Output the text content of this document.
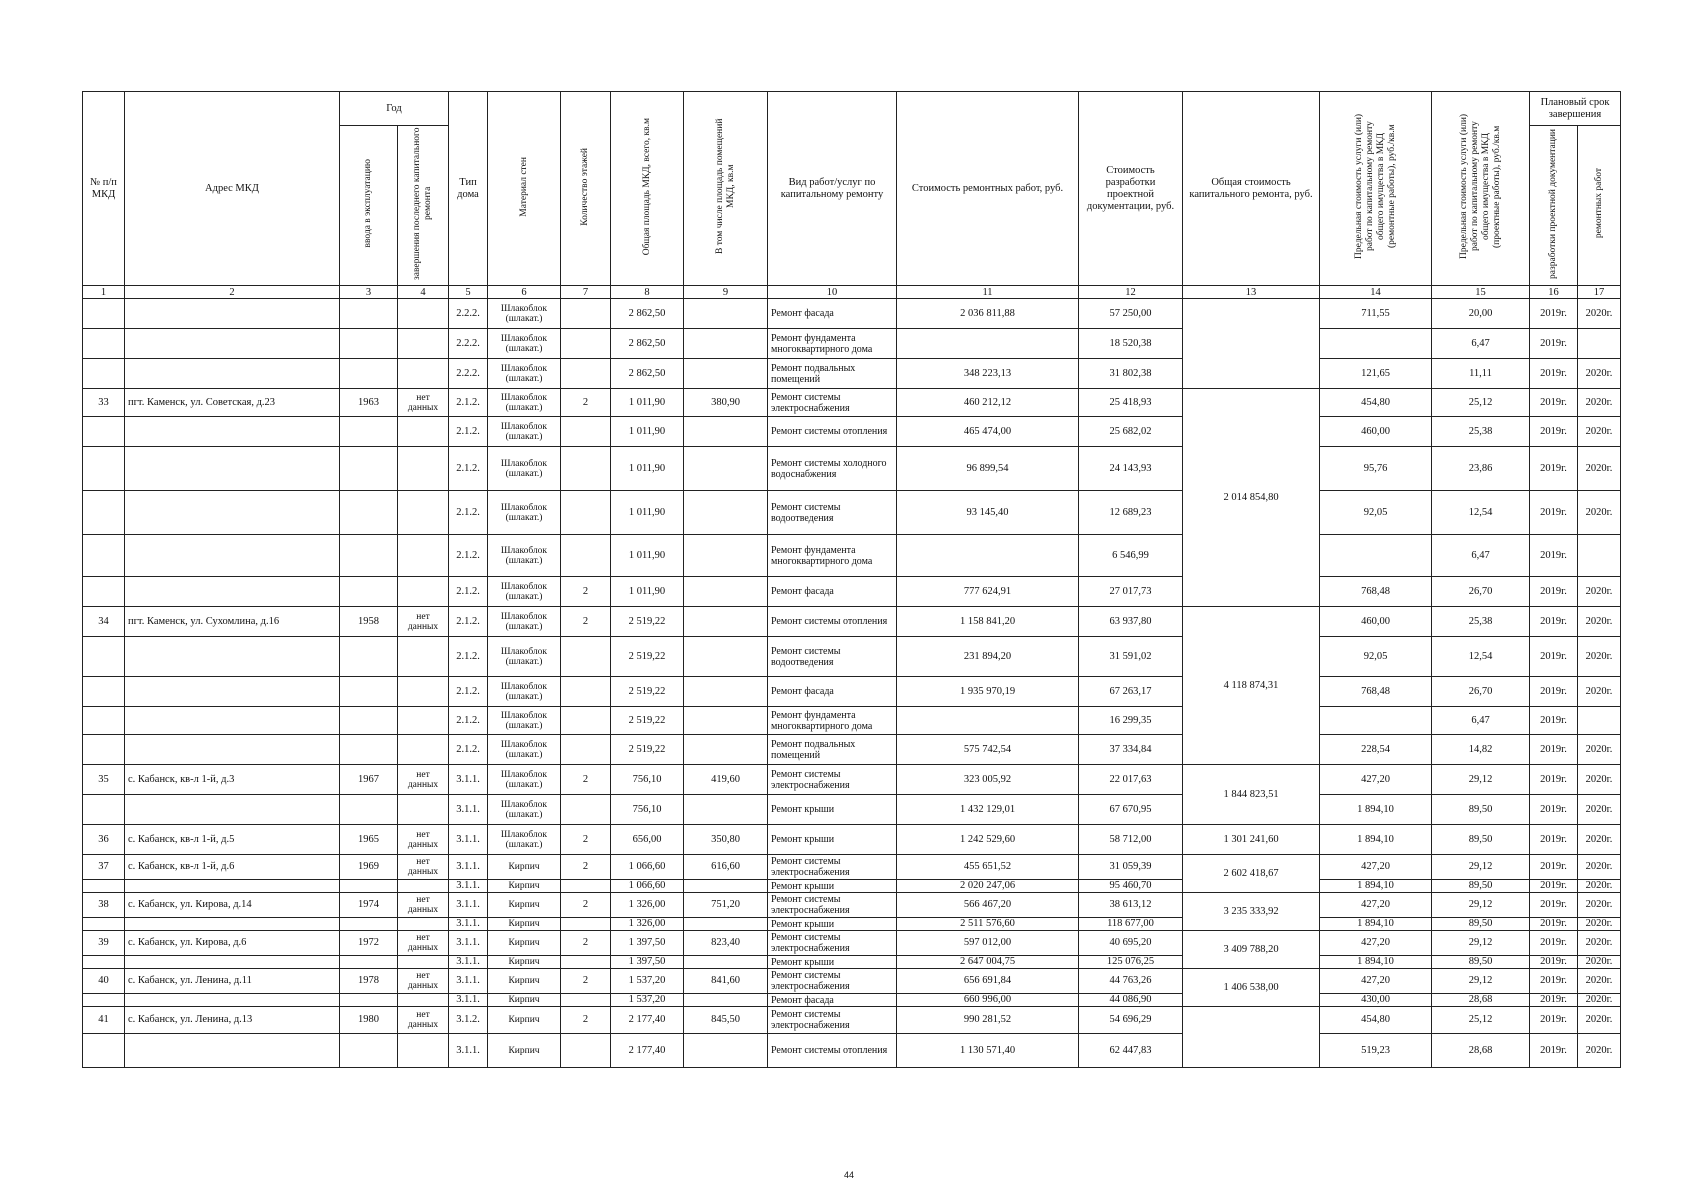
№ п/п МКД	Адрес МКД	Год		Тип дома	Материал стен	Количество этажей	Общая площадь МКД, всего, кв.м	В том числе площадь помещений МКД, кв.м	Вид работ/услуг по капитальному ремонту	Стоимость ремонтных работ, руб.	Стоимость разработки проектной документации, руб.	Общая стоимость капитального ремонта, руб.	Предельная стоимость услуги (или) работ по капитальному ремонту общего имущества в МКД (ремонтные работы), руб./кв.м	Предельная стоимость услуги (или) работ по капитальному ремонту общего имущества в МКД (проектные работы), руб./кв.м	Плановый срок завершения	
		ввода в эксплуатацию	завершения последнего капитального ремонта												разработки проектной документации	ремонтных работ
1	2	3	4	5	6	7	8	9	10	11	12	13	14	15	16	17
				2.2.2.	Шлакоблок (шлакат.)		2 862,50		Ремонт фасада	2 036 811,88	57 250,00		711,55	20,00	2019г.	2020г.
				2.2.2.	Шлакоблок (шлакат.)		2 862,50		Ремонт фундамента многоквартирного дома		18 520,38			6,47	2019г.	
				2.2.2.	Шлакоблок (шлакат.)		2 862,50		Ремонт подвальных помещений	348 223,13	31 802,38		121,65	11,11	2019г.	2020г.
33	пгт. Каменск, ул. Советская, д.23	1963	нет данных	2.1.2.	Шлакоблок (шлакат.)	2	1 011,90	380,90	Ремонт системы электроснабжения	460 212,12	25 418,93	2 014 854,80	454,80	25,12	2019г.	2020г.
				2.1.2.	Шлакоблок (шлакат.)		1 011,90		Ремонт системы отопления	465 474,00	25 682,02		460,00	25,38	2019г.	2020г.
				2.1.2.	Шлакоблок (шлакат.)		1 011,90		Ремонт системы холодного водоснабжения	96 899,54	24 143,93		95,76	23,86	2019г.	2020г.
				2.1.2.	Шлакоблок (шлакат.)		1 011,90		Ремонт системы водоотведения	93 145,40	12 689,23		92,05	12,54	2019г.	2020г.
				2.1.2.	Шлакоблок (шлакат.)		1 011,90		Ремонт фундамента многоквартирного дома		6 546,99			6,47	2019г.	
				2.1.2.	Шлакоблок (шлакат.)	2	1 011,90		Ремонт фасада	777 624,91	27 017,73		768,48	26,70	2019г.	2020г.
34	пгт. Каменск, ул. Сухомлина, д.16	1958	нет данных	2.1.2.	Шлакоблок (шлакат.)	2	2 519,22		Ремонт системы отопления	1 158 841,20	63 937,80	4 118 874,31	460,00	25,38	2019г.	2020г.
				2.1.2.	Шлакоблок (шлакат.)		2 519,22		Ремонт системы водоотведения	231 894,20	31 591,02		92,05	12,54	2019г.	2020г.
				2.1.2.	Шлакоблок (шлакат.)		2 519,22		Ремонт фасада	1 935 970,19	67 263,17		768,48	26,70	2019г.	2020г.
				2.1.2.	Шлакоблок (шлакат.)		2 519,22		Ремонт фундамента многоквартирного дома		16 299,35			6,47	2019г.	
				2.1.2.	Шлакоблок (шлакат.)		2 519,22		Ремонт подвальных помещений	575 742,54	37 334,84		228,54	14,82	2019г.	2020г.
35	с. Кабанск, кв-л 1-й, д.3	1967	нет данных	3.1.1.	Шлакоблок (шлакат.)	2	756,10	419,60	Ремонт системы электроснабжения	323 005,92	22 017,63	1 844 823,51	427,20	29,12	2019г.	2020г.
				3.1.1.	Шлакоблок (шлакат.)		756,10		Ремонт крыши	1 432 129,01	67 670,95		1 894,10	89,50	2019г.	2020г.
36	с. Кабанск, кв-л 1-й, д.5	1965	нет данных	3.1.1.	Шлакоблок (шлакат.)	2	656,00	350,80	Ремонт крыши	1 242 529,60	58 712,00	1 301 241,60	1 894,10	89,50	2019г.	2020г.
37	с. Кабанск, кв-л 1-й, д.6	1969	нет данных	3.1.1.	Кирпич	2	1 066,60	616,60	Ремонт системы электроснабжения	455 651,52	31 059,39	2 602 418,67	427,20	29,12	2019г.	2020г.
				3.1.1.	Кирпич		1 066,60		Ремонт крыши	2 020 247,06	95 460,70		1 894,10	89,50	2019г.	2020г.
38	с. Кабанск, ул. Кирова, д.14	1974	нет данных	3.1.1.	Кирпич	2	1 326,00	751,20	Ремонт системы электроснабжения	566 467,20	38 613,12	3 235 333,92	427,20	29,12	2019г.	2020г.
				3.1.1.	Кирпич		1 326,00		Ремонт крыши	2 511 576,60	118 677,00		1 894,10	89,50	2019г.	2020г.
39	с. Кабанск, ул. Кирова, д.6	1972	нет данных	3.1.1.	Кирпич	2	1 397,50	823,40	Ремонт системы электроснабжения	597 012,00	40 695,20	3 409 788,20	427,20	29,12	2019г.	2020г.
				3.1.1.	Кирпич		1 397,50		Ремонт крыши	2 647 004,75	125 076,25		1 894,10	89,50	2019г.	2020г.
40	с. Кабанск, ул. Ленина, д.11	1978	нет данных	3.1.1.	Кирпич	2	1 537,20	841,60	Ремонт системы электроснабжения	656 691,84	44 763,26	1 406 538,00	427,20	29,12	2019г.	2020г.
				3.1.1.	Кирпич		1 537,20		Ремонт фасада	660 996,00	44 086,90		430,00	28,68	2019г.	2020г.
41	с. Кабанск, ул. Ленина, д.13	1980	нет данных	3.1.2.	Кирпич	2	2 177,40	845,50	Ремонт системы электроснабжения	990 281,52	54 696,29		454,80	25,12	2019г.	2020г.
				3.1.1.	Кирпич		2 177,40		Ремонт системы отопления	1 130 571,40	62 447,83		519,23	28,68	2019г.	2020г.
44
